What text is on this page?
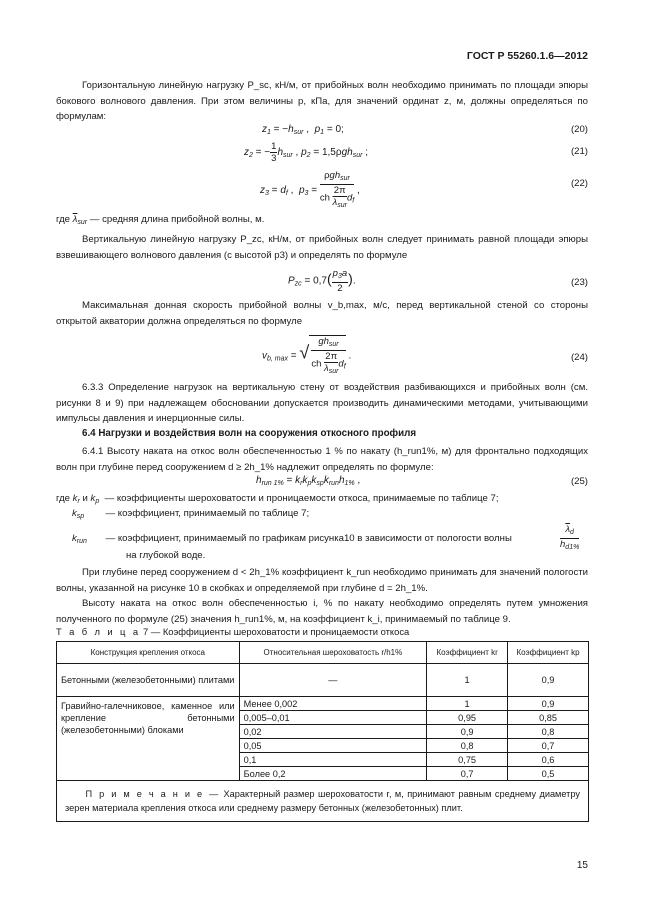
ГОСТ Р 55260.1.6—2012

Горизонтальную линейную нагрузку P_sc, кН/м, от прибойных волн необходимо принимать по площади эпюры бокового волнового давления. При этом величины p, кПа, для значений ординат z, м, должны определяться по формулам:

$z_1 = -h_{sur}$ ,  $p_1 = 0$;	(20)
$z_2$ = − $\frac{1}{3} h_{sur}$ , $p_2 = 1,5\rho gh_{sur}$ ;	(21)
$z_3 = d_f$ ,  $p_3 = \frac{\rho gh_{sur}}{ch \frac{2\pi}{\overline{\lambda}_{sur}} d_f}$ ,
(22)
где $\overline{\lambda}_{sur}$ — средняя длина прибойной волны, м.

Вертикальную линейную нагрузку P_zc, кН/м, от прибойных волн следует принимать равной площади эпюры взвешивающего волнового давления (с высотой p3) и определять по формуле

$P_{zc} = 0,7( \frac{p_3a}{2}$ ).	(23)

Максимальная донная скорость прибойной волны v_b,max, м/с, перед вертикальной стеной со стороны открытой акватории должна определяться по формуле

$v_{b, max}$ = √ $\frac{gh_{sur}}{ch \frac{2\pi}{\overline{\lambda}_{sur}} d_f}$ .	(24)

6.3.3 Определение нагрузок на вертикальную стену от воздействия разбивающихся и прибойных волн (см. рисунки 8 и 9) при надлежащем обосновании допускается производить динамическими методами, учитывающими импульсы давления и инерционные силы.

6.4 Нагрузки и воздействия волн на сооружения откосного профиля

6.4.1 Высоту наката на откос волн обеспеченностью 1 % по накату (h_run1%, м) для фронтально подходящих волн при глубине перед сооружением d ≥ 2h_1% надлежит определять по формуле:

$h_{run 1\%} = k_rk_pk_{sp}k_{run}h_{1\%}$ ,	(25)
где $k_r$ и $k_p$ — коэффициенты шероховатости и проницаемости откоса, принимаемые по таблице 7;
$k_{sp}$ — коэффициент, принимаемый по таблице 7;
$k_{run}$ — коэффициент, принимаемый по графикам рисунка10 в зависимости от пологости волны	$\frac{\overline{\lambda}_d}{h_{d1\%}}$
на глубокой воде.

При глубине перед сооружением d < 2h_1% коэффициент k_run необходимо принимать для значений пологости волны, указанной на рисунке 10 в скобках и определяемой при глубине d = 2h_1%.

Высоту наката на откос волн обеспеченностью i, % по накату необходимо определять путем умножения полученного по формуле (25) значения h_run1%, м, на коэффициент k_i, принимаемый по таблице 9.

Т а б л и ц а 7 — Коэффициенты шероховатости и проницаемости откоса
Конструкция крепления откоса	Относительная шероховатость r/h1%	Коэффициент kr	Коэффициент kp
Бетонными (железобетонными) плитами	—	1	0,9
Гравийно-галечниковое, каменное или крепление бетонными (железобетонными) блоками	Менее 0,002	1	0,9
	0,005–0,01	0,95	0,85
	0,02	0,9	0,8
	0,05	0,8	0,7
	0,1	0,75	0,6
	Более 0,2	0,7	0,5
П р и м е ч а н и е — Характерный размер шероховатости r, м, принимают равным среднему диаметру зерен материала крепления откоса или среднему размеру бетонных (железобетонных) плит.			
15
